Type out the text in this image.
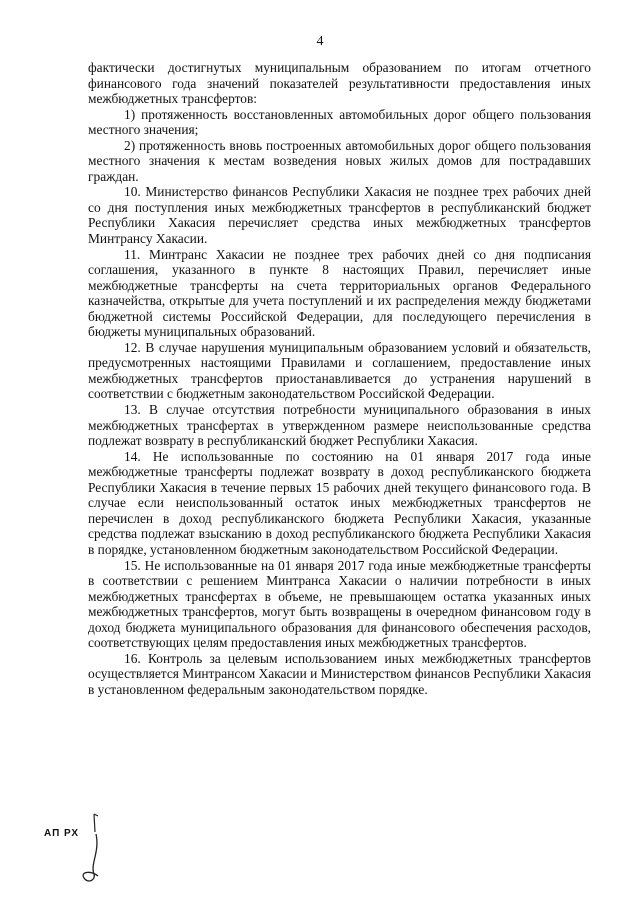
4

фактически достигнутых муниципальным образованием по итогам отчетного финансового года значений показателей результативности предоставления иных межбюджетных трансфертов:

1) протяженность восстановленных автомобильных дорог общего пользования местного значения;

2) протяженность вновь построенных автомобильных дорог общего пользования местного значения к местам возведения новых жилых домов для пострадавших граждан.

10. Министерство финансов Республики Хакасия не позднее трех рабочих дней со дня поступления иных межбюджетных трансфертов в республиканский бюджет Республики Хакасия перечисляет средства иных межбюджетных трансфертов Минтрансу Хакасии.

11. Минтранс Хакасии не позднее трех рабочих дней со дня подписания соглашения, указанного в пункте 8 настоящих Правил, перечисляет иные межбюджетные трансферты на счета территориальных органов Федерального казначейства, открытые для учета поступлений и их распределения между бюджетами бюджетной системы Российской Федерации, для последующего перечисления в бюджеты муниципальных образований.

12. В случае нарушения муниципальным образованием условий и обязательств, предусмотренных настоящими Правилами и соглашением, предоставление иных межбюджетных трансфертов приостанавливается до устранения нарушений в соответствии с бюджетным законодательством Российской Федерации.

13. В случае отсутствия потребности муниципального образования в иных межбюджетных трансфертах в утвержденном размере неиспользованные средства подлежат возврату в республиканский бюджет Республики Хакасия.

14. Не использованные по состоянию на 01 января 2017 года иные межбюджетные трансферты подлежат возврату в доход республиканского бюджета Республики Хакасия в течение первых 15 рабочих дней текущего финансового года. В случае если неиспользованный остаток иных межбюджетных трансфертов не перечислен в доход республиканского бюджета Республики Хакасия, указанные средства подлежат взысканию в доход республиканского бюджета Республики Хакасия в порядке, установленном бюджетным законодательством Российской Федерации.

15. Не использованные на 01 января 2017 года иные межбюджетные трансферты в соответствии с решением Минтранса Хакасии о наличии потребности в иных межбюджетных трансфертах в объеме, не превышающем остатка указанных иных межбюджетных трансфертов, могут быть возвращены в очередном финансовом году в доход бюджета муниципального образования для финансового обеспечения расходов, соответствующих целям предоставления иных межбюджетных трансфертов.

16. Контроль за целевым использованием иных межбюджетных трансфертов осуществляется Минтрансом Хакасии и Министерством финансов Республики Хакасия в установленном федеральным законодательством порядке.

АП РХ
